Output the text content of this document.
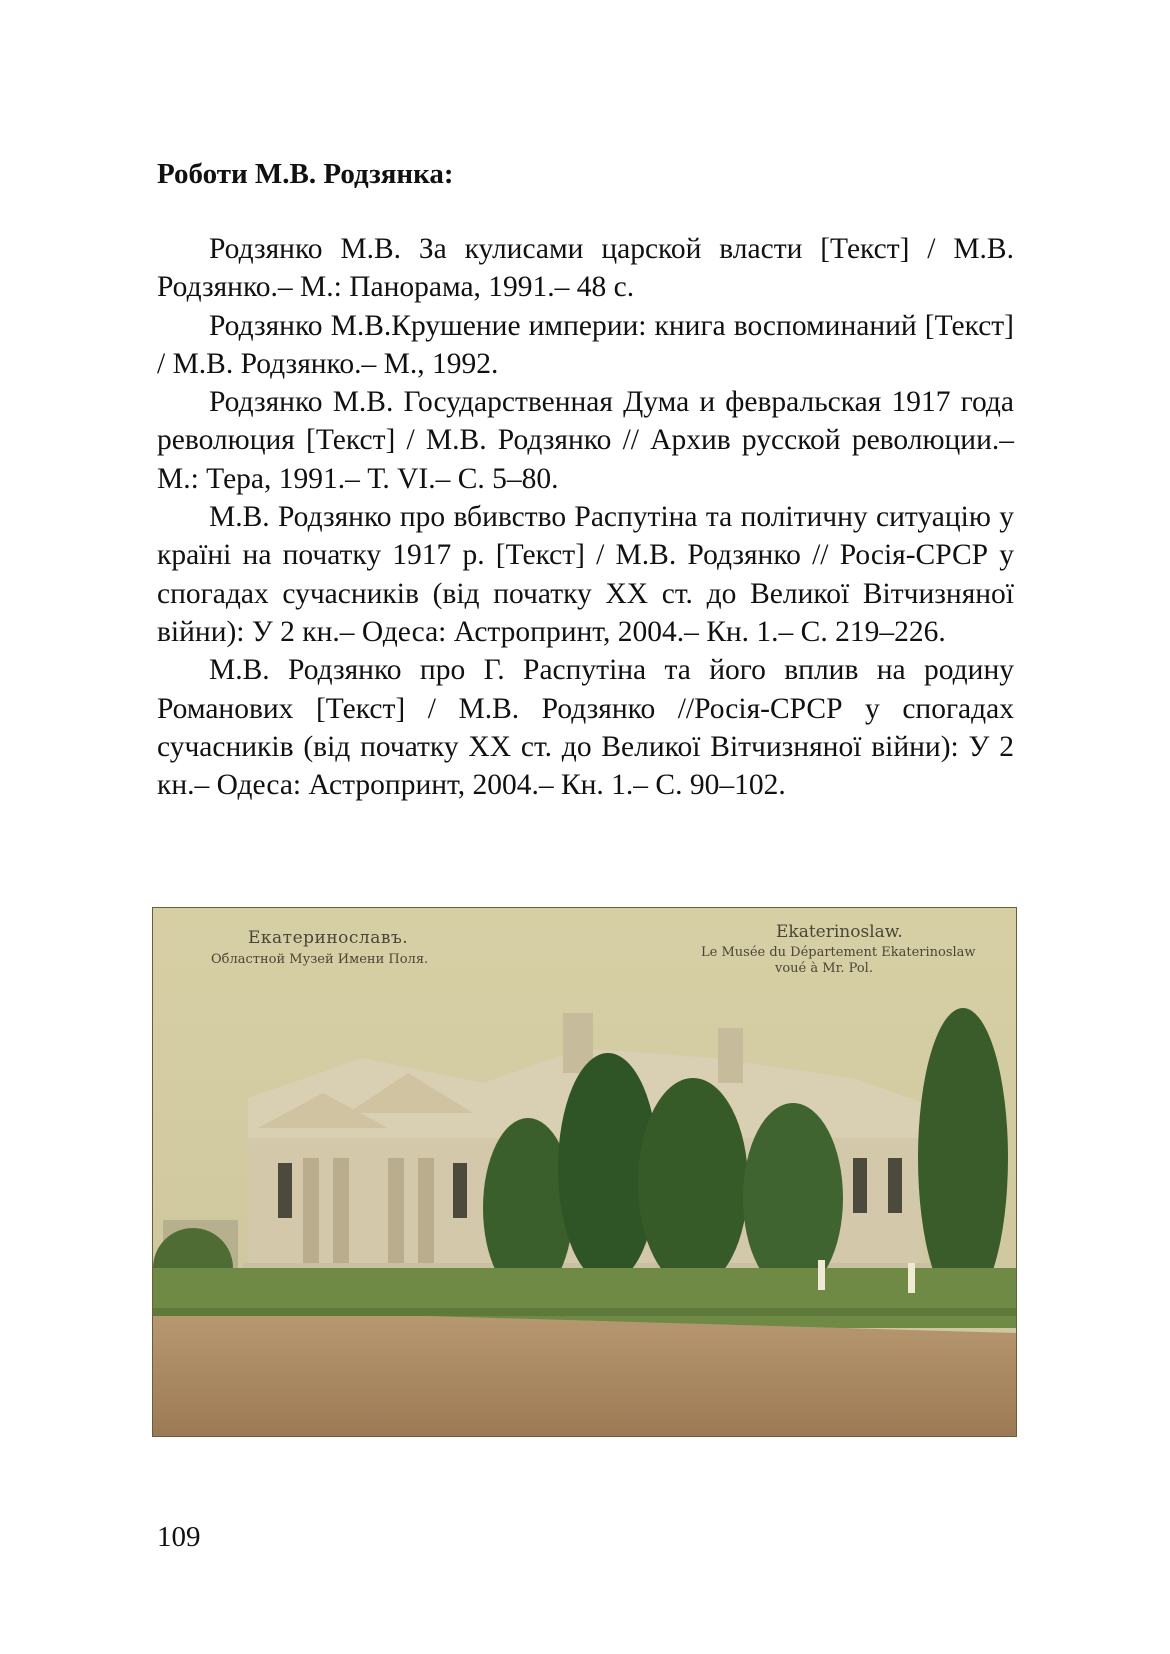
Роботи М.В. Родзянка:

Родзянко М.В. За кулисами царской власти [Текст] / М.В. Родзянко.– М.: Панорама, 1991.– 48 с.

Родзянко М.В.Крушение империи: книга воспоминаний [Текст] / М.В. Родзянко.– М., 1992.

Родзянко М.В. Государственная Дума и февральская 1917 года революция [Текст] / М.В. Родзянко // Архив русской революции.– М.: Тера, 1991.– Т. VI.– С. 5–80.

М.В. Родзянко про вбивство Распутіна та політичну ситуацію у країні на початку 1917 р. [Текст] / М.В. Родзянко // Росія-СРСР у спогадах сучасників (від початку ХХ ст. до Великої Вітчизняної війни): У 2 кн.– Одеса: Астропринт, 2004.– Кн. 1.– С. 219–226.

М.В. Родзянко про Г. Распутіна та його вплив на родину Романових [Текст] / М.В. Родзянко //Росія-СРСР у спогадах сучасників (від початку ХХ ст. до Великої Вітчизняної війни): У 2 кн.– Одеса: Астропринт, 2004.– Кн. 1.– С. 90–102.

Екатеринославъ.
Областной Музей Имени Поля.
Ekaterinoslaw.
Le Musée du Département Ekaterinoslaw
voué à Mr. Pol.
109
